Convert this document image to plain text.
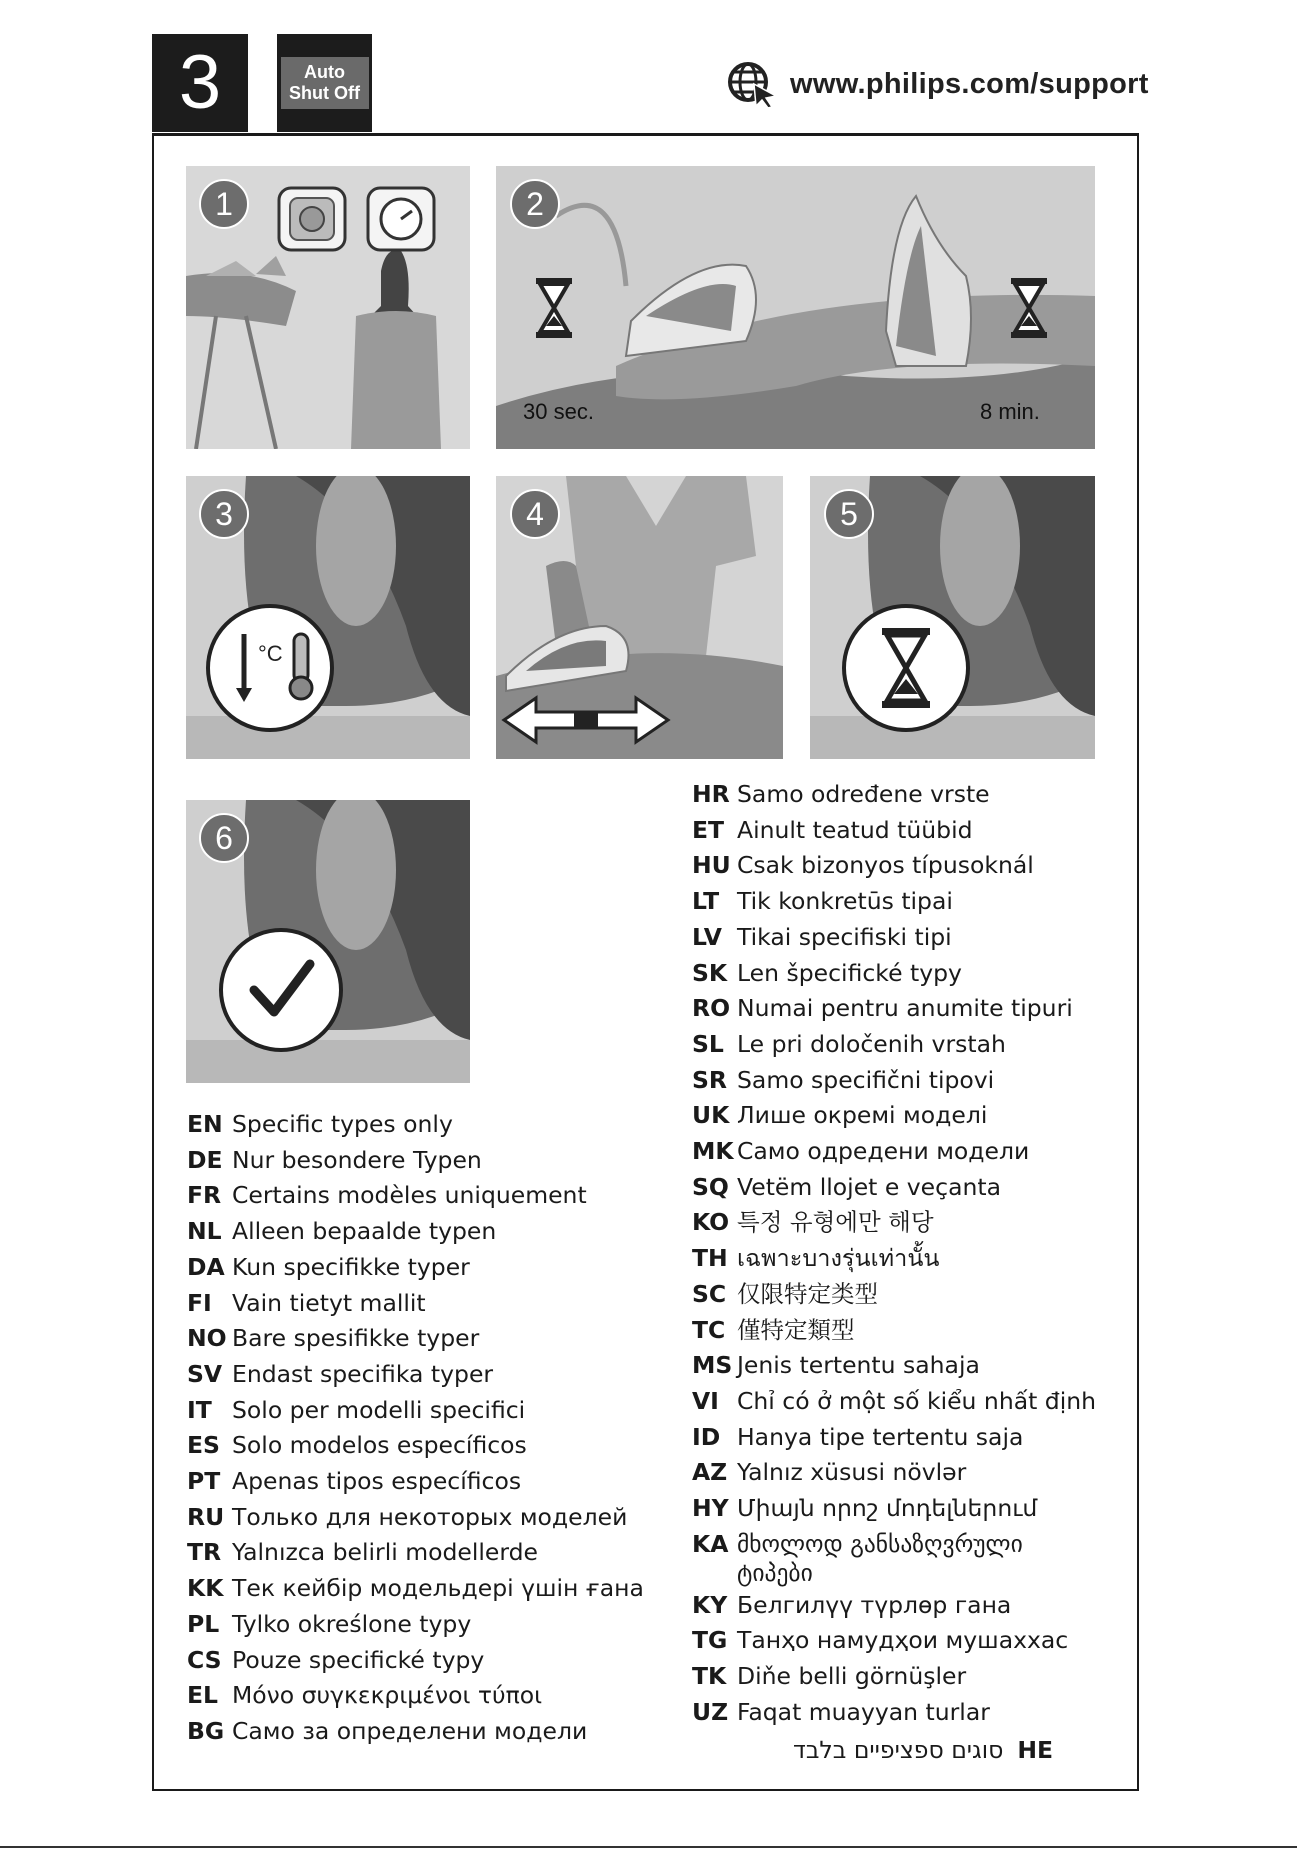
3	Auto
Shut Off	www.philips.com/support
1	2
30 sec.	8 min.
°C
3	4	5
6
EN Specific types only
DE Nur besondere Typen
FR Certains modèles uniquement
NL Alleen bepaalde typen
DA Kun specifikke typer
FI Vain tietyt mallit
NO Bare spesifikke typer
SV Endast specifika typer
IT Solo per modelli specifici
ES Solo modelos específicos
PT Apenas tipos específicos
RU Только для некоторых моделей
TR Yalnızca belirli modellerde
KK Тек кейбір модельдері үшін ғана
PL Tylko określone typy
CS Pouze specifické typy
EL Μόνο συγκεκριμένοι τύποι
BG Само за определени модели
HR Samo određene vrste
ET Ainult teatud tüübid
HU Csak bizonyos típusoknál
LT Tik konkretūs tipai
LV Tikai specifiski tipi
SK Len špecifické typy
RO Numai pentru anumite tipuri
SL Le pri določenih vrstah
SR Samo specifični tipovi
UK Лише окремі моделі
MK Само одредени модели
SQ Vetëm llojet e veçanta
KO 특정 유형에만 해당
TH เฉพาะบางรุ่นเท่านั้น
SC 仅限特定类型
TC 僅特定類型
MS Jenis tertentu sahaja
VI Chỉ có ở một số kiểu nhất định
ID Hanya tipe tertentu saja
AZ Yalnız xüsusi növlər
HY Միայն որոշ մոդելներում
KA მხოლოდ განსაზღვრული ტიპები
KY Белгилүү түрлөр гана
TG Танҳо намудҳои мушаххас
TK Diňe belli görnüşler
UZ Faqat muayyan turlar
סוגים ספציפיים בלבד HE
